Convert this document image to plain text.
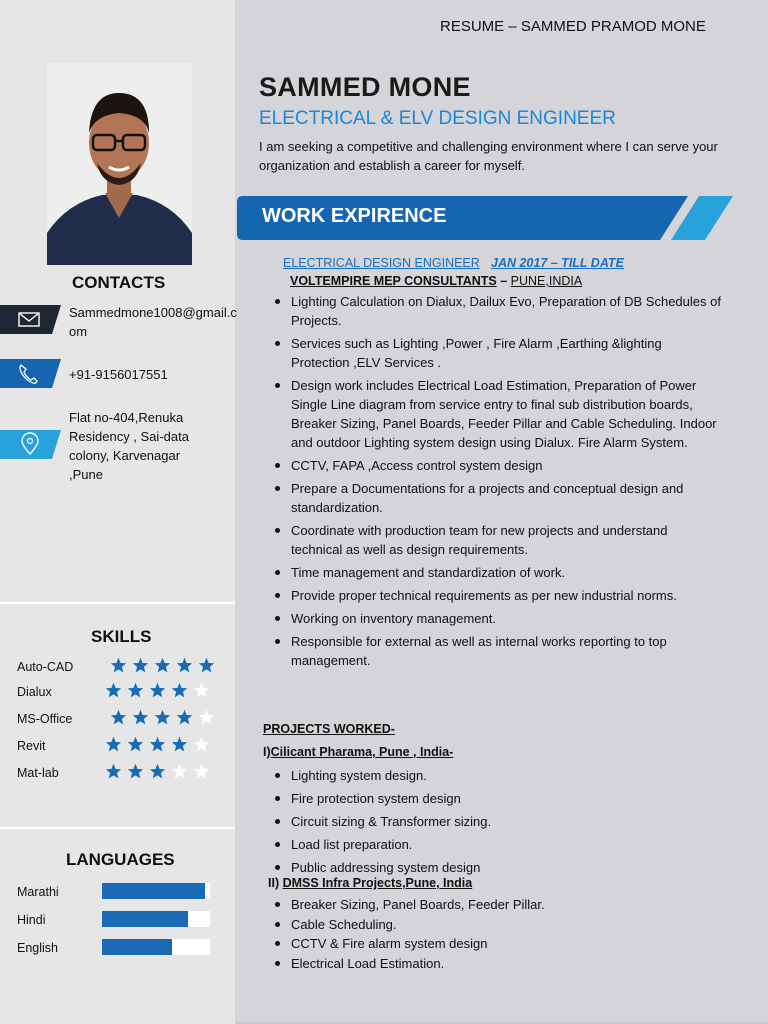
RESUME – SAMMED PRAMOD MONE
CONTACTS
Sammedmone1008@gmail.com
+91-9156017551
Flat no-404,Renuka Residency , Sai-data colony, Karvenagar ,Pune
SKILLS
Auto-CAD
Dialux
MS-Office
Revit
Mat-lab
LANGUAGES
Marathi
Hindi
English
SAMMED MONE
ELECTRICAL & ELV DESIGN ENGINEER
I am seeking a competitive and challenging environment where I can serve your organization and establish a career for myself.
WORK EXPIRENCE
ELECTRICAL DESIGN ENGINEER JAN 2017 – TILL DATE
VOLTEMPIRE MEP CONSULTANTS – PUNE,INDIA
Lighting Calculation on Dialux, Dailux Evo, Preparation of DB Schedules of Projects.
Services such as Lighting ,Power , Fire Alarm ,Earthing &lighting Protection ,ELV Services .
Design work includes Electrical Load Estimation, Preparation of Power Single Line diagram from service entry to final sub distribution boards, Breaker Sizing, Panel Boards, Feeder Pillar and Cable Scheduling. Indoor and outdoor Lighting system design using Dialux. Fire Alarm System.
CCTV, FAPA ,Access control system design
Prepare a Documentations for a projects and conceptual design and standardization.
Coordinate with production team for new projects and understand technical as well as design requirements.
Time management and standardization of work.
Provide proper technical requirements as per new industrial norms.
Working on inventory management.
Responsible for external as well as internal works reporting to top management.
PROJECTS WORKED-
I)Cilicant Pharama, Pune , India-
Lighting system design.
Fire protection system design
Circuit sizing & Transformer sizing.
Load list preparation.
Public addressing system design
II) DMSS Infra Projects,Pune, India
Breaker Sizing, Panel Boards, Feeder Pillar.
Cable Scheduling.
CCTV & Fire alarm system design
Electrical Load Estimation.
